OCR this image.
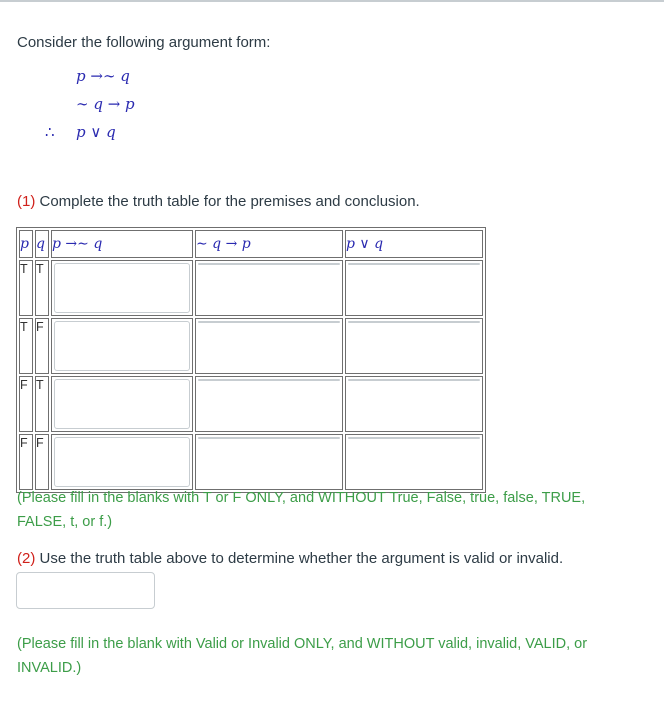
Consider the following argument form:
p →∼ q
∼ q → p
∴ p ∨ q
(1) Complete the truth table for the premises and conclusion.
p	q	p →∼ q	∼ q → p	p ∨ q
T	T	

T	F	

F	T	

F	F	

(Please fill in the blanks with T or F ONLY, and WITHOUT True, False, true, false, TRUE, FALSE, t, or f.)
(2) Use the truth table above to determine whether the argument is valid or invalid.
(Please fill in the blank with Valid or Invalid ONLY, and WITHOUT valid, invalid, VALID, or INVALID.)
